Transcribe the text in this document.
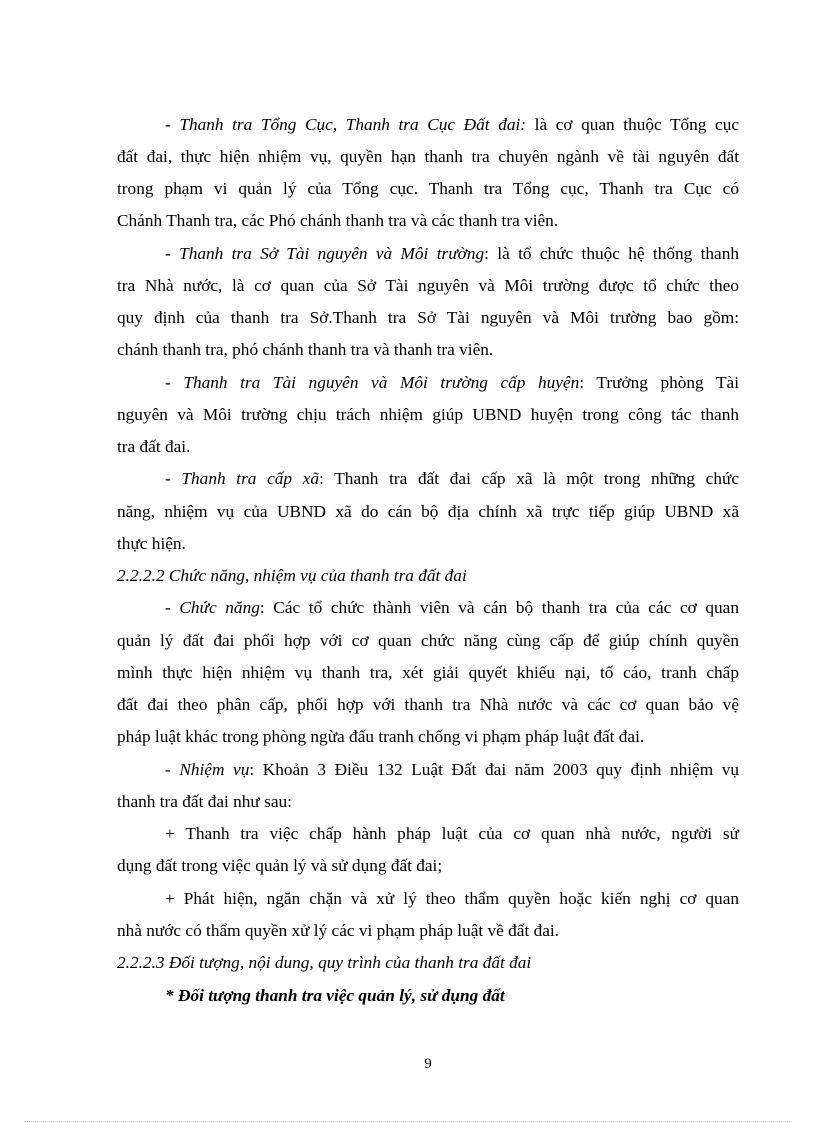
- Thanh tra Tổng Cục, Thanh tra Cục Đất đai: là cơ quan thuộc Tổng cục
đất đai, thực hiện nhiệm vụ, quyền hạn thanh tra chuyên ngành về tài nguyên đất
trong phạm vi quản lý của Tổng cục. Thanh tra Tổng cục, Thanh tra Cục có
Chánh Thanh tra, các Phó chánh thanh tra và các thanh tra viên.
- Thanh tra Sở Tài nguyên và Môi trường: là tổ chức thuộc hệ thống thanh
tra Nhà nước, là cơ quan của Sở Tài nguyên và Môi trường được tổ chức theo
quy định của thanh tra Sở.Thanh tra Sở Tài nguyên và Môi trường bao gồm:
chánh thanh tra, phó chánh thanh tra và thanh tra viên.
- Thanh tra Tài nguyên và Môi trường cấp huyện: Trưởng phòng Tài
nguyên và Môi trường chịu trách nhiệm giúp UBND huyện trong công tác thanh
tra đất đai.
- Thanh tra cấp xã: Thanh tra đất đai cấp xã là một trong những chức
năng, nhiệm vụ của UBND xã do cán bộ địa chính xã trực tiếp giúp UBND xã
thực hiện.
2.2.2.2 Chức năng, nhiệm vụ của thanh tra đất đai
- Chức năng: Các tổ chức thành viên và cán bộ thanh tra của các cơ quan
quản lý đất đai phối hợp với cơ quan chức năng cùng cấp để giúp chính quyền
mình thực hiện nhiệm vụ thanh tra, xét giải quyết khiếu nại, tố cáo, tranh chấp
đất đai theo phân cấp, phối hợp với thanh tra Nhà nước và các cơ quan bảo vệ
pháp luật khác trong phòng ngừa đấu tranh chống vi phạm pháp luật đất đai.
- Nhiệm vụ: Khoản 3 Điều 132 Luật Đất đai năm 2003 quy định nhiệm vụ
thanh tra đất đai như sau:
+ Thanh tra việc chấp hành pháp luật của cơ quan nhà nước, người sử
dụng đất trong việc quản lý và sử dụng đất đai;
+ Phát hiện, ngăn chặn và xử lý theo thẩm quyền hoặc kiến nghị cơ quan
nhà nước có thẩm quyền xử lý các vi phạm pháp luật về đất đai.
2.2.2.3 Đối tượng, nội dung, quy trình của thanh tra đất đai
* Đối tượng thanh tra việc quản lý, sử dụng đất
9
